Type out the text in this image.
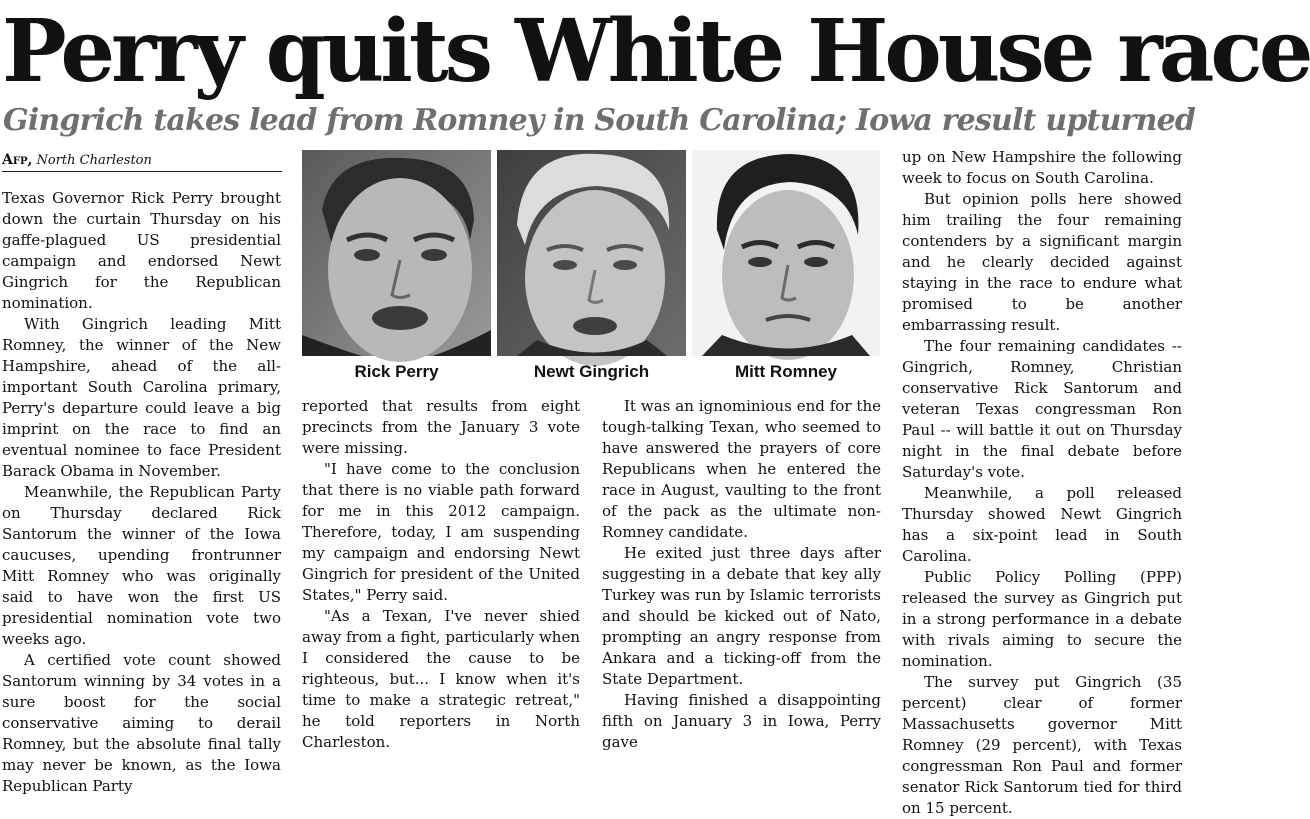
Perry quits White House race
Gingrich takes lead from Romney in South Carolina; Iowa result upturned
Afp, North Charleston

Texas Governor Rick Perry brought down the curtain Thursday on his gaffe-plagued US presidential campaign and endorsed Newt Gingrich for the Republican nomination.

With Gingrich leading Mitt Romney, the winner of the New Hampshire, ahead of the all-important South Carolina primary, Perry's departure could leave a big imprint on the race to find an eventual nominee to face President Barack Obama in November.

Meanwhile, the Republican Party on Thursday declared Rick Santorum the winner of the Iowa caucuses, upending frontrunner Mitt Romney who was originally said to have won the first US presidential nomination vote two weeks ago.

A certified vote count showed Santorum winning by 34 votes in a sure boost for the social conservative aiming to derail Romney, but the absolute final tally may never be known, as the Iowa Republican Party

Rick Perry	Newt Gingrich	Mitt Romney

reported that results from eight precincts from the January 3 vote were missing.

"I have come to the conclusion that there is no viable path forward for me in this 2012 campaign. Therefore, today, I am suspending my campaign and endorsing Newt Gingrich for president of the United States," Perry said.

"As a Texan, I've never shied away from a fight, particularly when I considered the cause to be righteous, but... I know when it's time to make a strategic retreat," he told reporters in North Charleston.

It was an ignominious end for the tough-talking Texan, who seemed to have answered the prayers of core Republicans when he entered the race in August, vaulting to the front of the pack as the ultimate non-Romney candidate.

He exited just three days after suggesting in a debate that key ally Turkey was run by Islamic terrorists and should be kicked out of Nato, prompting an angry response from Ankara and a ticking-off from the State Department.

Having finished a disappointing fifth on January 3 in Iowa, Perry gave

up on New Hampshire the following week to focus on South Carolina.

But opinion polls here showed him trailing the four remaining contenders by a significant margin and he clearly decided against staying in the race to endure what promised to be another embarrassing result.

The four remaining candidates -- Gingrich, Romney, Christian conservative Rick Santorum and veteran Texas congressman Ron Paul -- will battle it out on Thursday night in the final debate before Saturday's vote.

Meanwhile, a poll released Thursday showed Newt Gingrich has a six-point lead in South Carolina.

Public Policy Polling (PPP) released the survey as Gingrich put in a strong performance in a debate with rivals aiming to secure the nomination.

The survey put Gingrich (35 percent) clear of former Massachusetts governor Mitt Romney (29 percent), with Texas congressman Ron Paul and former senator Rick Santorum tied for third on 15 percent.
